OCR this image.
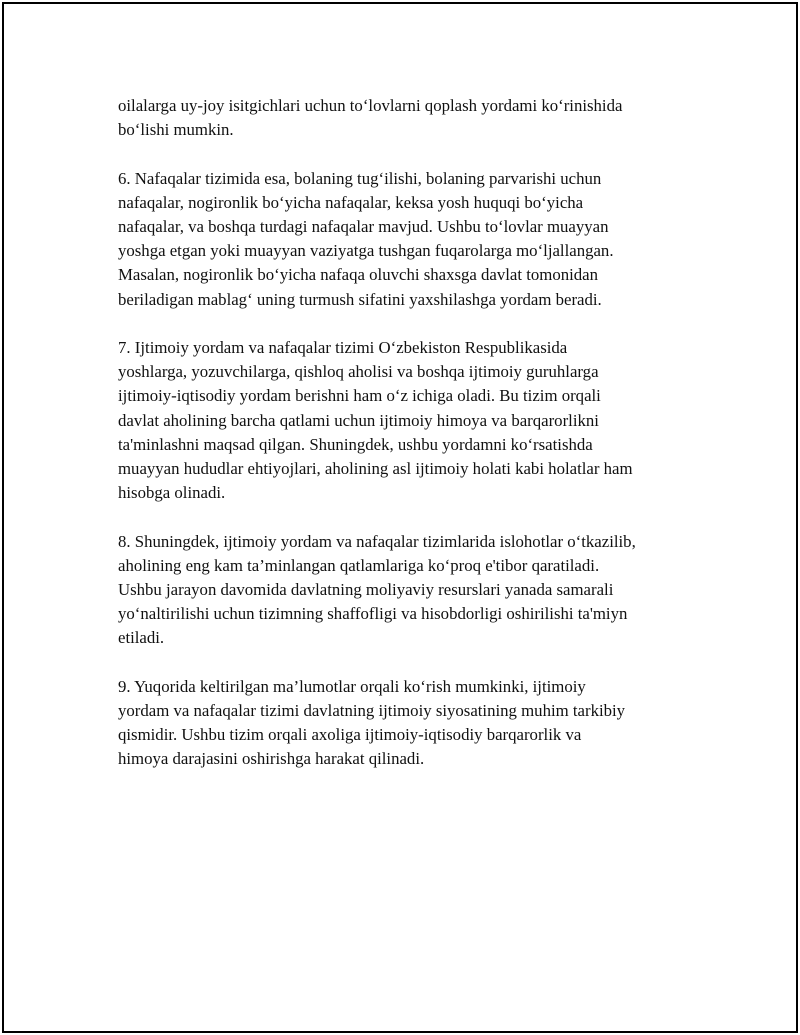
oilalarga uy-joy isitgichlari uchun to‘lovlarni qoplash yordami ko‘rinishida
bo‘lishi mumkin.

6. Nafaqalar tizimida esa, bolaning tug‘ilishi, bolaning parvarishi uchun
nafaqalar, nogironlik bo‘yicha nafaqalar, keksa yosh huquqi bo‘yicha
nafaqalar, va boshqa turdagi nafaqalar mavjud. Ushbu to‘lovlar muayyan
yoshga etgan yoki muayyan vaziyatga tushgan fuqarolarga mo‘ljallangan.
Masalan, nogironlik bo‘yicha nafaqa oluvchi shaxsga davlat tomonidan
beriladigan mablag‘ uning turmush sifatini yaxshilashga yordam beradi.

7. Ijtimoiy yordam va nafaqalar tizimi O‘zbekiston Respublikasida
yoshlarga, yozuvchilarga, qishloq aholisi va boshqa ijtimoiy guruhlarga
ijtimoiy-iqtisodiy yordam berishni ham o‘z ichiga oladi. Bu tizim orqali
davlat aholining barcha qatlami uchun ijtimoiy himoya va barqarorlikni
ta'minlashni maqsad qilgan. Shuningdek, ushbu yordamni ko‘rsatishda
muayyan hududlar ehtiyojlari, aholining asl ijtimoiy holati kabi holatlar ham
hisobga olinadi.

8. Shuningdek, ijtimoiy yordam va nafaqalar tizimlarida islohotlar o‘tkazilib,
aholining eng kam ta’minlangan qatlamlariga ko‘proq e'tibor qaratiladi.
Ushbu jarayon davomida davlatning moliyaviy resurslari yanada samarali
yo‘naltirilishi uchun tizimning shaffofligi va hisobdorligi oshirilishi ta'miyn
etiladi.

9. Yuqorida keltirilgan ma’lumotlar orqali ko‘rish mumkinki, ijtimoiy
yordam va nafaqalar tizimi davlatning ijtimoiy siyosatining muhim tarkibiy
qismidir. Ushbu tizim orqali axoliga ijtimoiy-iqtisodiy barqarorlik va
himoya darajasini oshirishga harakat qilinadi.
